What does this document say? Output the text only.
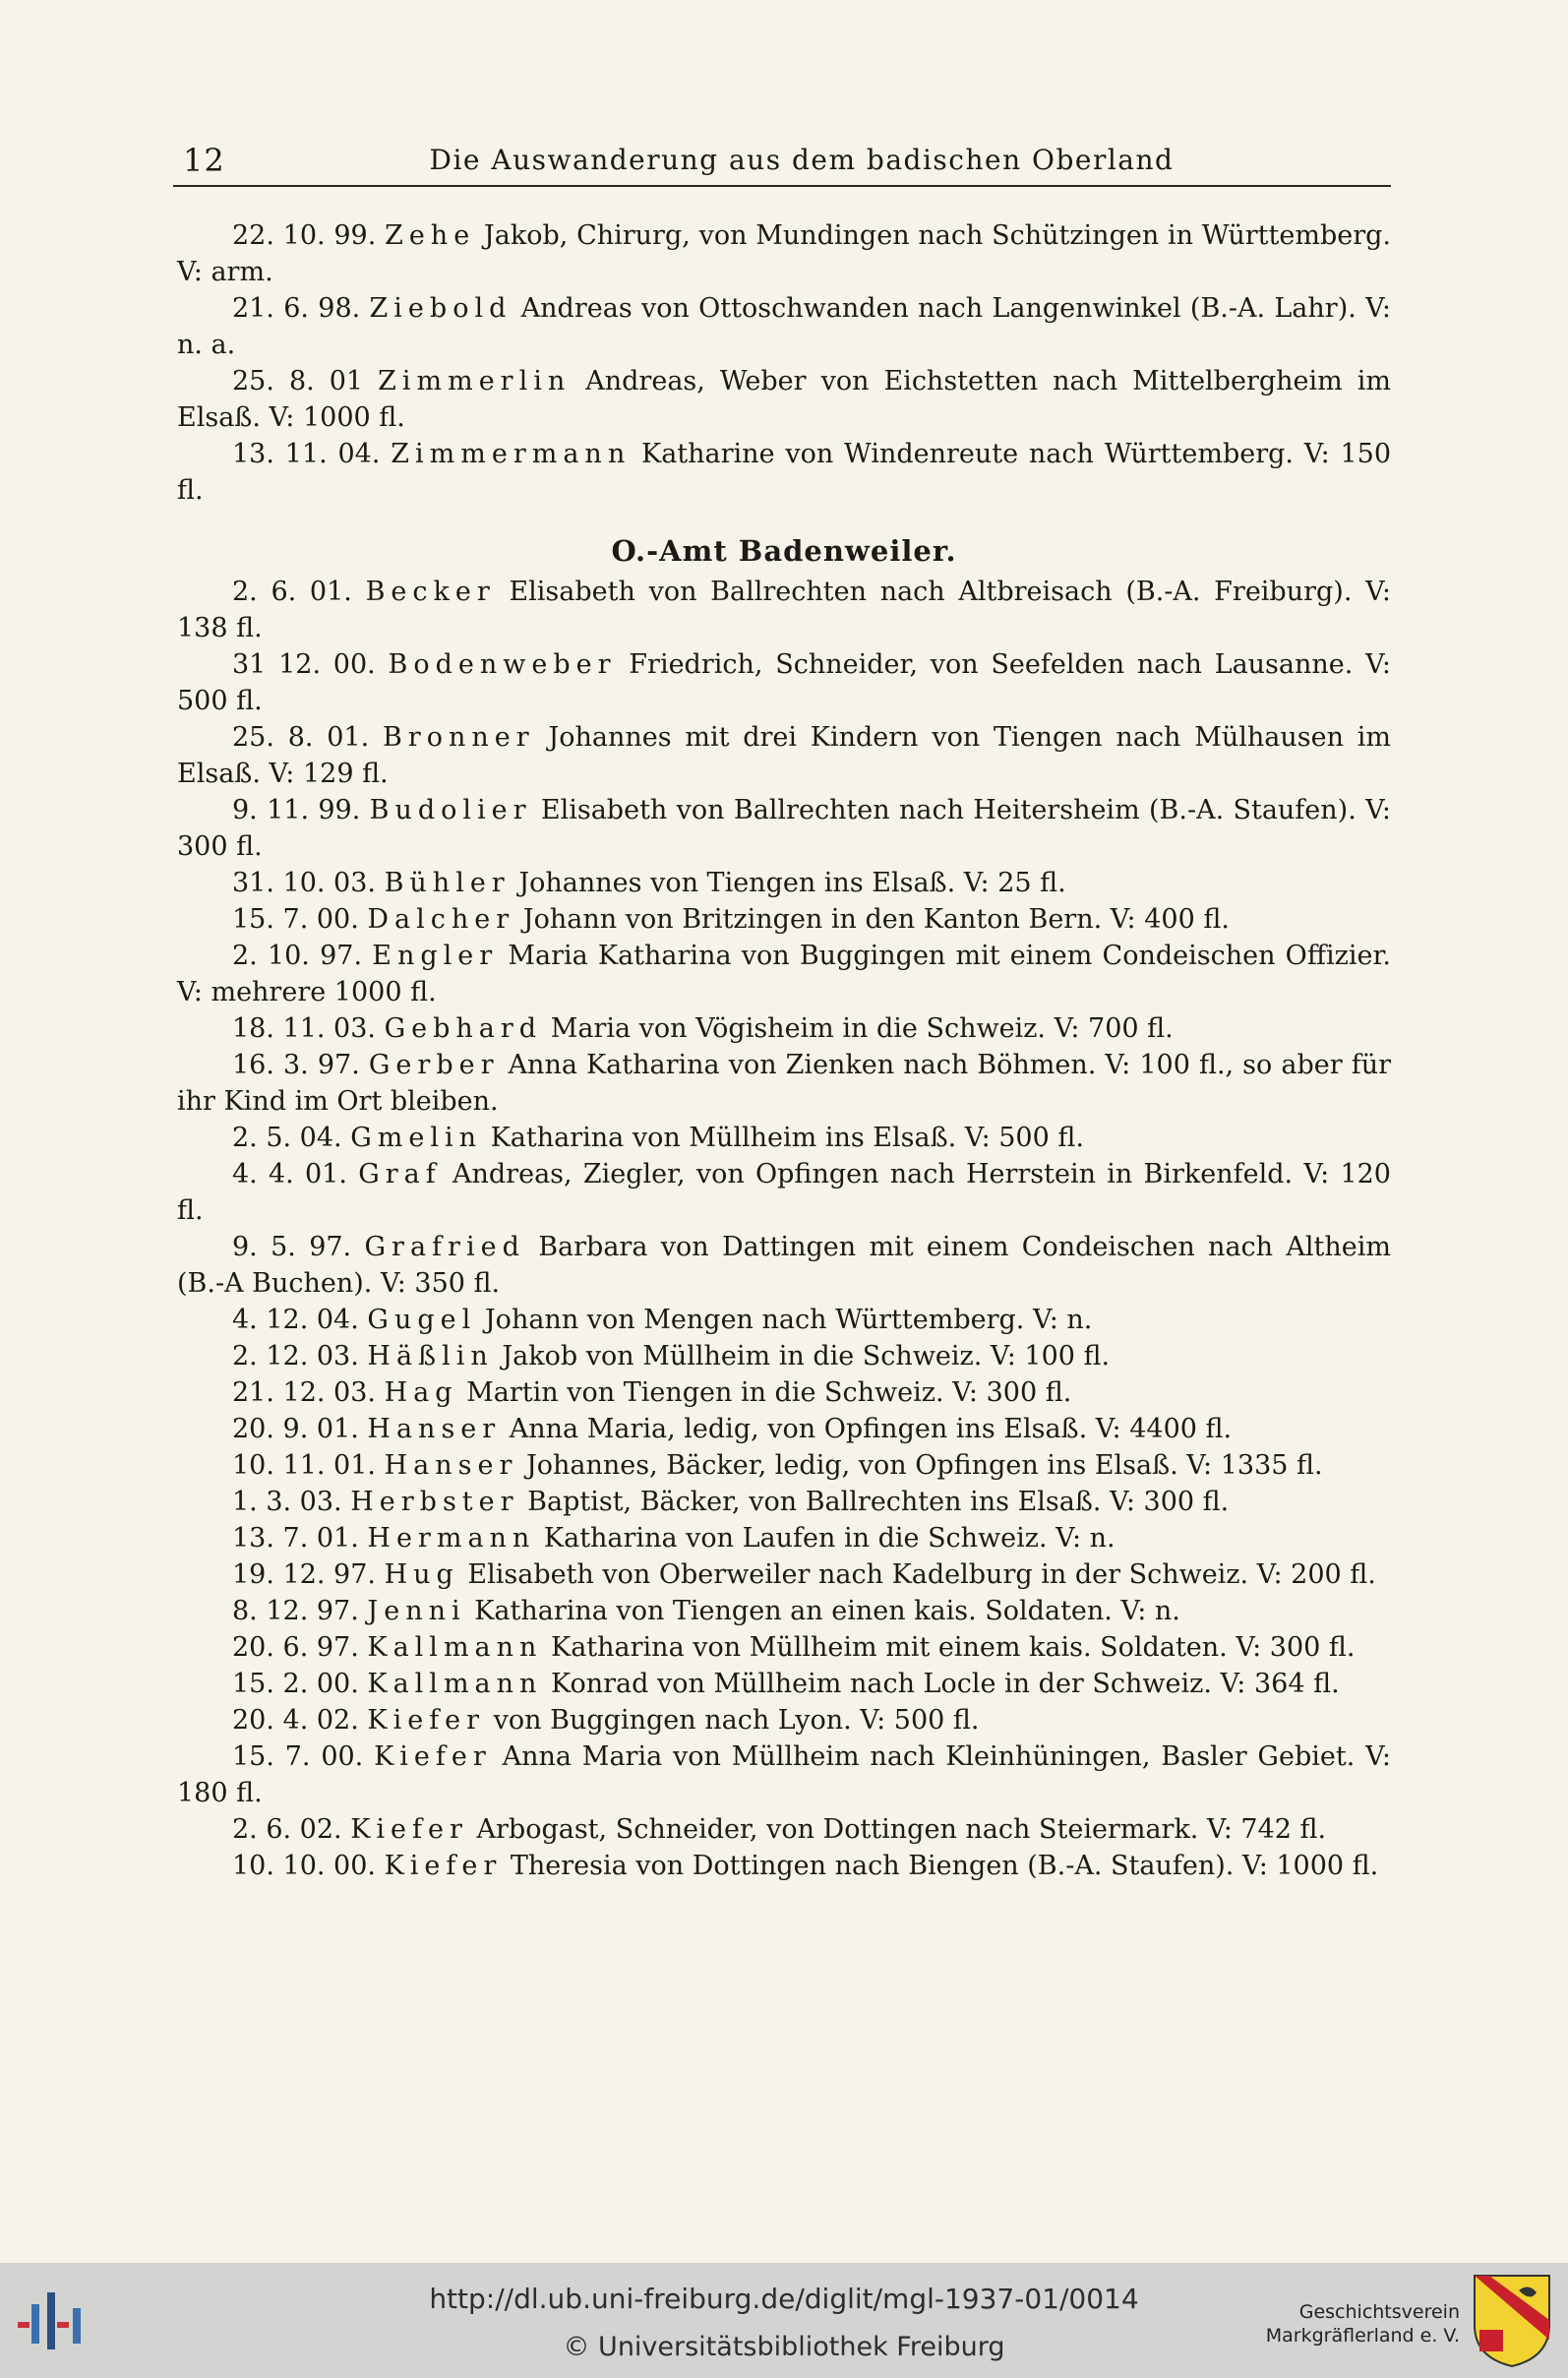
12	Die Auswanderung aus dem badischen Oberland

22. 10. 99. Zehe Jakob, Chirurg, von Mundingen nach Schützingen in Württemberg. V: arm.

21. 6. 98. Ziebold Andreas von Ottoschwanden nach Langenwinkel (B.-A. Lahr). V: n. a.

25. 8. 01 Zimmerlin Andreas, Weber von Eichstetten nach Mittelbergheim im Elsaß. V: 1000 fl.

13. 11. 04. Zimmermann Katharine von Windenreute nach Württemberg. V: 150 fl.

O.-Amt Badenweiler.

2. 6. 01. Becker Elisabeth von Ballrechten nach Altbreisach (B.-A. Freiburg). V: 138 fl.

31 12. 00. Bodenweber Friedrich, Schneider, von Seefelden nach Lausanne. V: 500 fl.

25. 8. 01. Bronner Johannes mit drei Kindern von Tiengen nach Mülhausen im Elsaß. V: 129 fl.

9. 11. 99. Budolier Elisabeth von Ballrechten nach Heitersheim (B.-A. Staufen). V: 300 fl.

31. 10. 03. Bühler Johannes von Tiengen ins Elsaß. V: 25 fl.

15. 7. 00. Dalcher Johann von Britzingen in den Kanton Bern. V: 400 fl.

2. 10. 97. Engler Maria Katharina von Buggingen mit einem Condeischen Offizier. V: mehrere 1000 fl.

18. 11. 03. Gebhard Maria von Vögisheim in die Schweiz. V: 700 fl.

16. 3. 97. Gerber Anna Katharina von Zienken nach Böhmen. V: 100 fl., so aber für ihr Kind im Ort bleiben.

2. 5. 04. Gmelin Katharina von Müllheim ins Elsaß. V: 500 fl.

4. 4. 01. Graf Andreas, Ziegler, von Opfingen nach Herrstein in Birkenfeld. V: 120 fl.

9. 5. 97. Grafried Barbara von Dattingen mit einem Condeischen nach Altheim (B.-A Buchen). V: 350 fl.

4. 12. 04. Gugel Johann von Mengen nach Württemberg. V: n.

2. 12. 03. Häßlin Jakob von Müllheim in die Schweiz. V: 100 fl.

21. 12. 03. Hag Martin von Tiengen in die Schweiz. V: 300 fl.

20. 9. 01. Hanser Anna Maria, ledig, von Opfingen ins Elsaß. V: 4400 fl.

10. 11. 01. Hanser Johannes, Bäcker, ledig, von Opfingen ins Elsaß. V: 1335 fl.

1. 3. 03. Herbster Baptist, Bäcker, von Ballrechten ins Elsaß. V: 300 fl.

13. 7. 01. Hermann Katharina von Laufen in die Schweiz. V: n.

19. 12. 97. Hug Elisabeth von Oberweiler nach Kadelburg in der Schweiz. V: 200 fl.

8. 12. 97. Jenni Katharina von Tiengen an einen kais. Soldaten. V: n.

20. 6. 97. Kallmann Katharina von Müllheim mit einem kais. Soldaten. V: 300 fl.

15. 2. 00. Kallmann Konrad von Müllheim nach Locle in der Schweiz. V: 364 fl.

20. 4. 02. Kiefer von Buggingen nach Lyon. V: 500 fl.

15. 7. 00. Kiefer Anna Maria von Müllheim nach Kleinhüningen, Basler Gebiet. V: 180 fl.

2. 6. 02. Kiefer Arbogast, Schneider, von Dottingen nach Steiermark. V: 742 fl.

10. 10. 00. Kiefer Theresia von Dottingen nach Biengen (B.-A. Staufen). V: 1000 fl.

http://dl.ub.uni-freiburg.de/diglit/mgl-1937-01/0014
© Universitätsbibliothek Freiburg
Geschichtsverein
Markgräflerland e. V.
